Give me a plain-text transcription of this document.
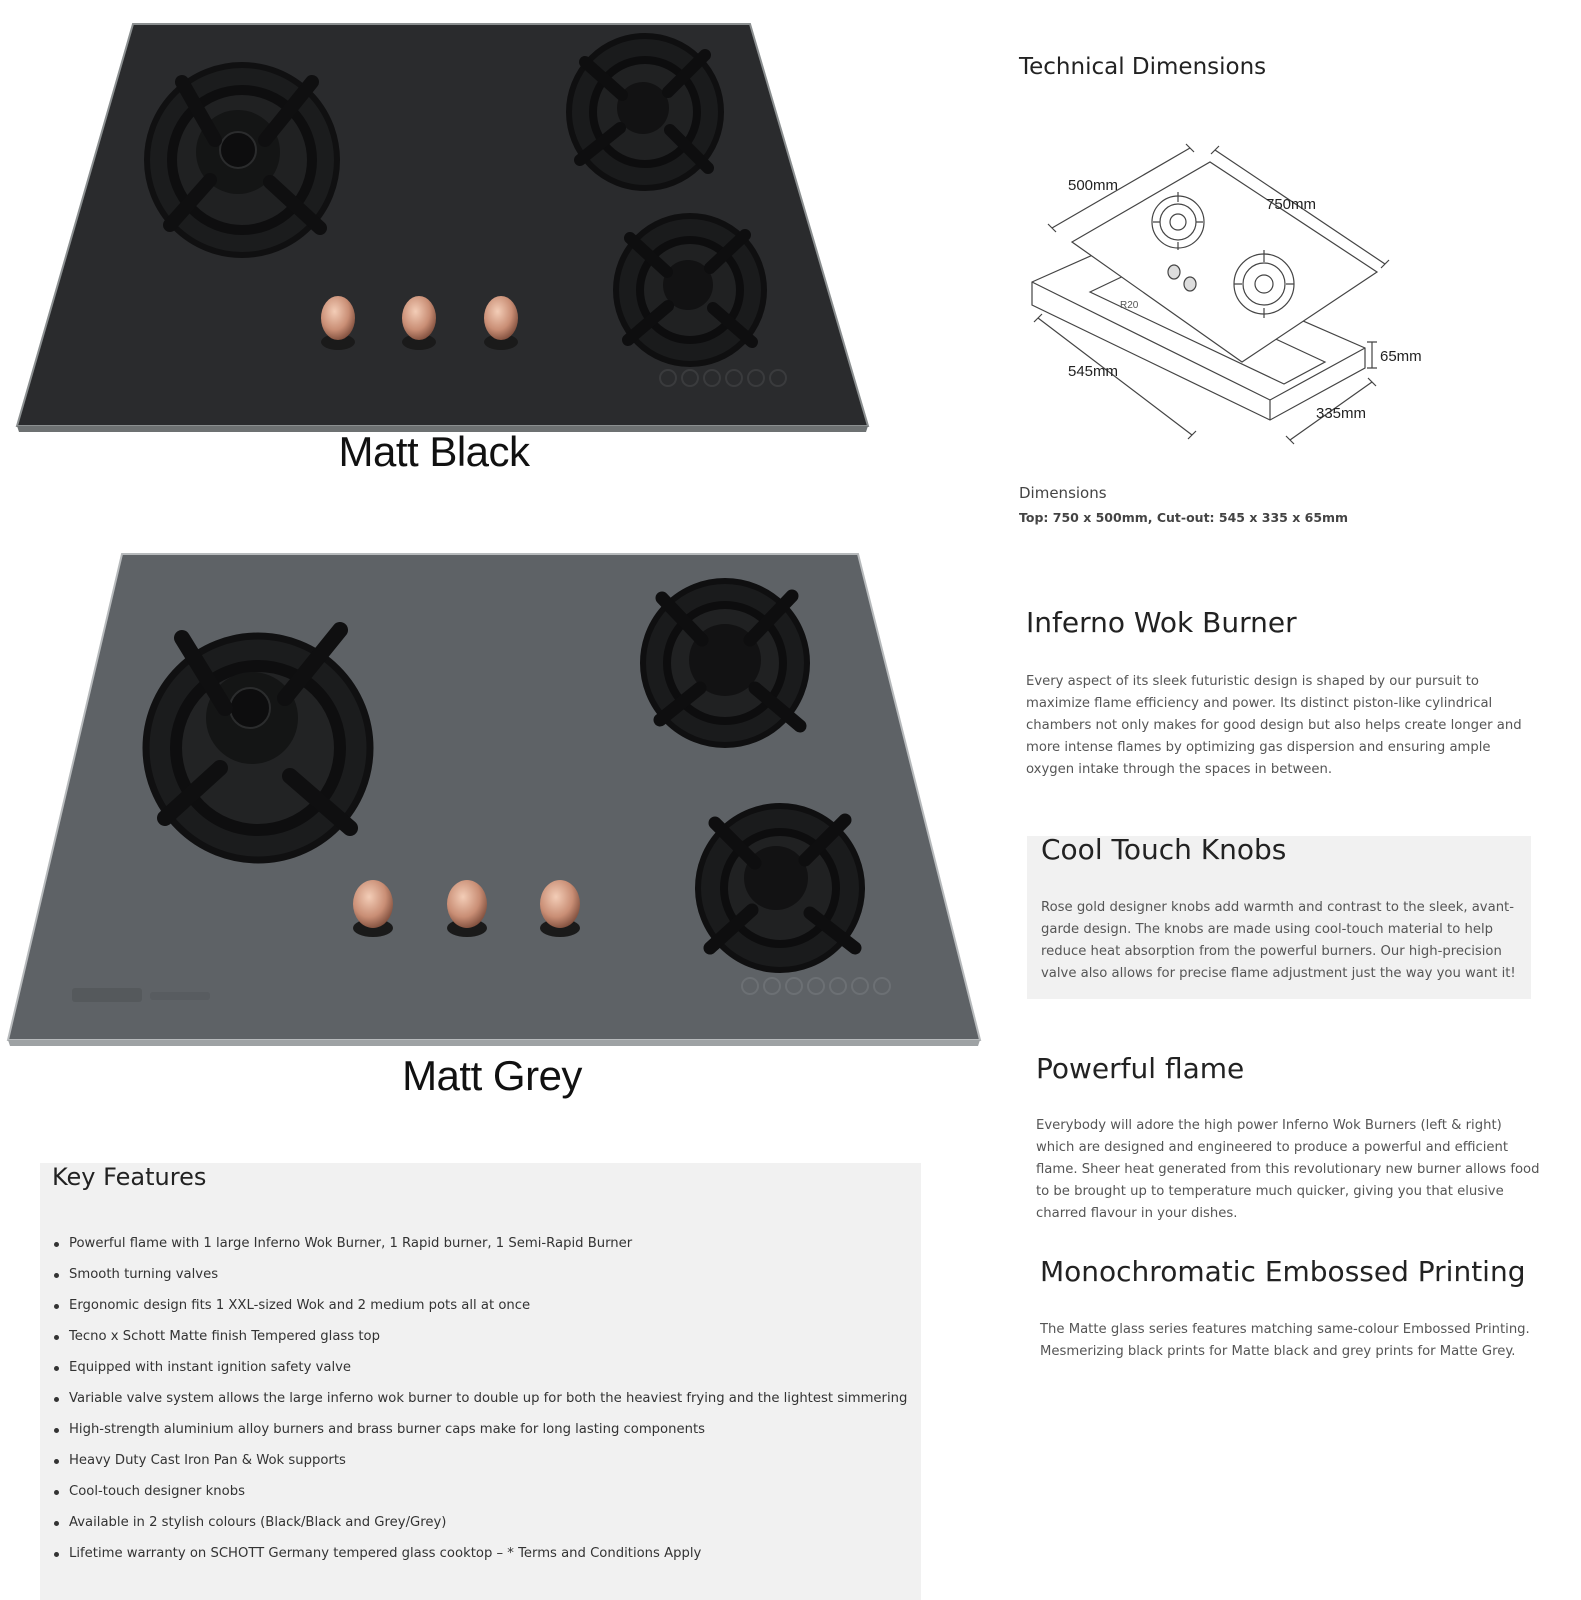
Matt Black
Matt Grey
Key Features
Powerful flame with 1 large Inferno Wok Burner, 1 Rapid burner, 1 Semi-Rapid Burner
Smooth turning valves
Ergonomic design fits 1 XXL-sized Wok and 2 medium pots all at once
Tecno x Schott Matte finish Tempered glass top
Equipped with instant ignition safety valve
Variable valve system allows the large inferno wok burner to double up for both the heaviest frying and the lightest simmering
High-strength aluminium alloy burners and brass burner caps make for long lasting components
Heavy Duty Cast Iron Pan & Wok supports
Cool-touch designer knobs
Available in 2 stylish colours (Black/Black and Grey/Grey)
Lifetime warranty on SCHOTT Germany tempered glass cooktop – * Terms and Conditions Apply
Technical Dimensions
500mm
750mm
R20
545mm
65mm
335mm
Dimensions
Top: 750 x 500mm, Cut-out: 545 x 335 x 65mm
Inferno Wok Burner
Every aspect of its sleek futuristic design is shaped by our pursuit to
maximize flame efficiency and power. Its distinct piston-like cylindrical
chambers not only makes for good design but also helps create longer and
more intense flames by optimizing gas dispersion and ensuring ample
oxygen intake through the spaces in between.
Cool Touch Knobs
Rose gold designer knobs add warmth and contrast to the sleek, avant-
garde design. The knobs are made using cool-touch material to help
reduce heat absorption from the powerful burners. Our high-precision
valve also allows for precise flame adjustment just the way you want it!
Powerful flame
Everybody will adore the high power Inferno Wok Burners (left & right)
which are designed and engineered to produce a powerful and efficient
flame. Sheer heat generated from this revolutionary new burner allows food
to be brought up to temperature much quicker, giving you that elusive
charred flavour in your dishes.
Monochromatic Embossed Printing
The Matte glass series features matching same-colour Embossed Printing.
Mesmerizing black prints for Matte black and grey prints for Matte Grey.
